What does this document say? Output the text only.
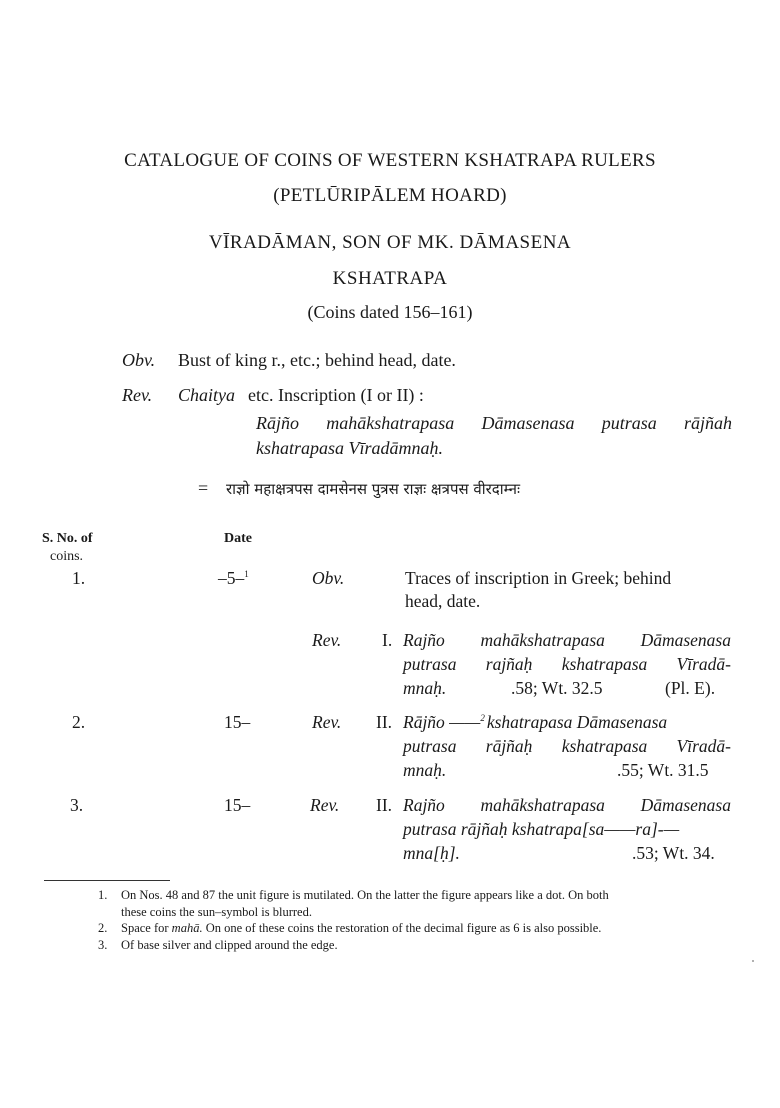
CATALOGUE OF COINS OF WESTERN KSHATRAPA RULERS
(PETLŪRIPĀLEM HOARD)
VĪRADĀMAN, SON OF MK. DĀMASENA
KSHATRAPA
(Coins dated 156–161)
Obv. Bust of king r., etc.; behind head, date.
Rev. Chaitya etc. Inscription (I or II) :
Rājño mahākshatrapasa Dāmasenasa putrasa rājñah
kshatrapasa Vīradāmnaḥ.
= राज्ञो महाक्षत्रपस दामसेनस पुत्रस राज्ञः क्षत्रपस वीरदाम्नः
S. No. of
coins.
Date
1.	–5–$^1$	Obv.	Traces of inscription in Greek; behind
head, date.
Rev. I. Rajño mahākshatrapasa Dāmasenasa
putrasa rajñaḥ kshatrapasa Vīradā-
mnaḥ.	.58; Wt. 32.5	(Pl. E).
2.	15–	Rev. II. Rājño ——$^2$ kshatrapasa Dāmasenasa
putrasa rājñaḥ kshatrapasa Vīradā-
mnaḥ.	.55; Wt. 31.5
3.	15–	Rev. II. Rajño mahākshatrapasa Dāmasenasa
putrasa rājñaḥ kshatrapa[sa——ra]-—
mna[ḥ].	.53; Wt. 34.
1. On Nos. 48 and 87 the unit figure is mutilated. On the latter the figure appears like a dot. On both
these coins the sun–symbol is blurred.
2. Space for mahā. On one of these coins the restoration of the decimal figure as 6 is also possible.
3. Of base silver and clipped around the edge.
